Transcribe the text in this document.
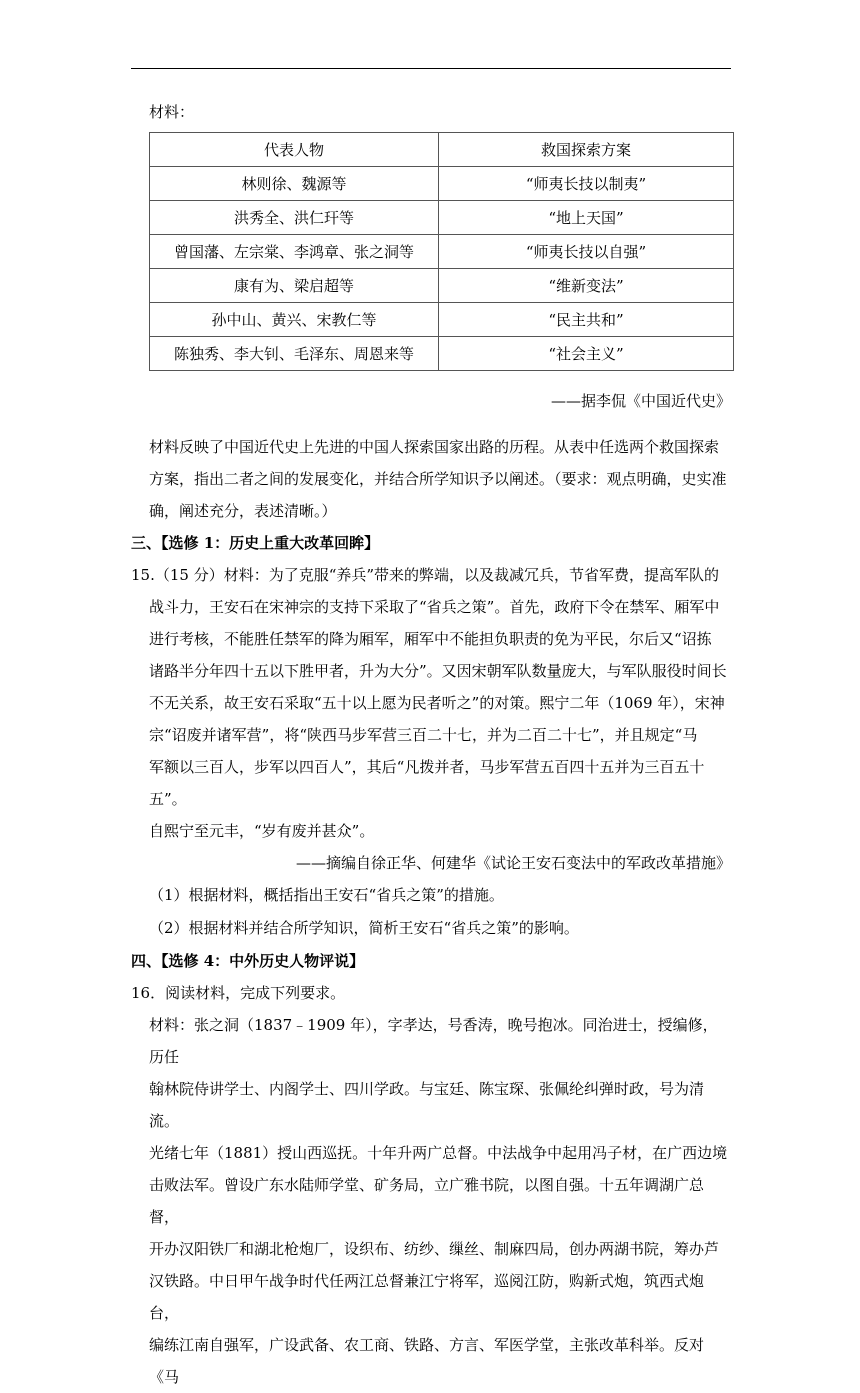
材料：

代表人物	救国探索方案
林则徐、魏源等	“师夷长技以制夷”
洪秀全、洪仁玕等	“地上天国”
曾国藩、左宗棠、李鸿章、张之洞等	“师夷长技以自强”
康有为、梁启超等	“维新变法”
孙中山、黄兴、宋教仁等	“民主共和”
陈独秀、李大钊、毛泽东、周恩来等	“社会主义”

——据李侃《中国近代史》

材料反映了中国近代史上先进的中国人探索国家出路的历程。从表中任选两个救国探索

方案，指出二者之间的发展变化，并结合所学知识予以阐述。（要求：观点明确，史实准

确，阐述充分，表述清晰。）

三、【选修 1：历史上重大改革回眸】

15.（15 分）材料：为了克服“养兵”带来的弊端，以及裁减冗兵，节省军费，提高军队的

战斗力，王安石在宋神宗的支持下采取了“省兵之策”。首先，政府下令在禁军、厢军中

进行考核，不能胜任禁军的降为厢军，厢军中不能担负职责的免为平民，尔后又“诏拣

诸路半分年四十五以下胜甲者，升为大分”。又因宋朝军队数量庞大，与军队服役时间长

不无关系，故王安石采取“五十以上愿为民者听之”的对策。熙宁二年（1069 年），宋神

宗“诏废并诸军营”，将“陕西马步军营三百二十七，并为二百二十七”，并且规定“马

军额以三百人，步军以四百人”，其后“凡拨并者，马步军营五百四十五并为三百五十五”。

自熙宁至元丰，“岁有废并甚众”。

——摘编自徐正华、何建华《试论王安石变法中的军政改革措施》

（1）根据材料，概括指出王安石“省兵之策”的措施。

（2）根据材料并结合所学知识，简析王安石“省兵之策”的影响。

四、【选修 4：中外历史人物评说】

16．阅读材料，完成下列要求。

材料：张之洞（1837﹣1909 年），字孝达，号香涛，晚号抱冰。同治进士，授编修，历任

翰林院侍讲学士、内阁学士、四川学政。与宝廷、陈宝琛、张佩纶纠弹时政，号为清流。

光绪七年（1881）授山西巡抚。十年升两广总督。中法战争中起用冯子材，在广西边境

击败法军。曾设广东水陆师学堂、矿务局，立广雅书院，以图自强。十五年调湖广总督，

开办汉阳铁厂和湖北枪炮厂，设织布、纺纱、缫丝、制麻四局，创办两湖书院，筹办芦

汉铁路。中日甲午战争时代任两江总督兼江宁将军，巡阅江防，购新式炮，筑西式炮台，

编练江南自强军，广设武备、农工商、铁路、方言、军医学堂，主张改革科举。反对《马
